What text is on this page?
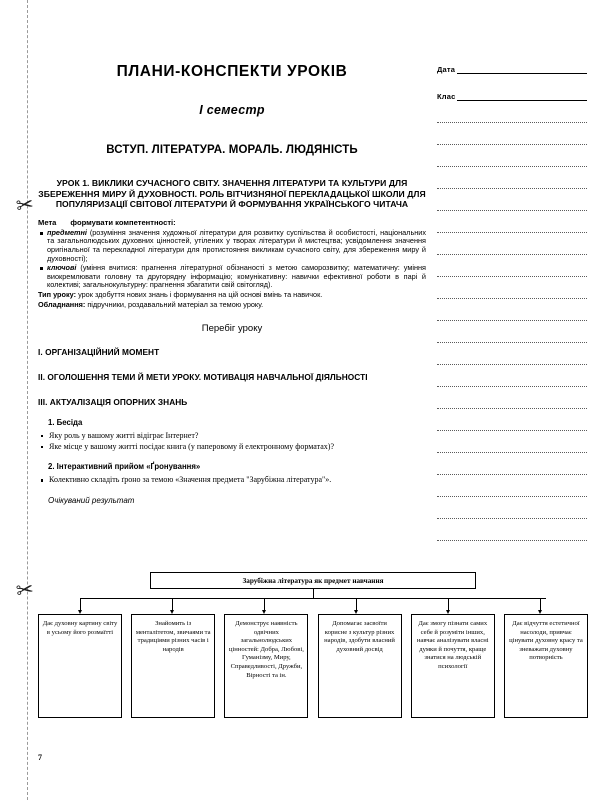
✂
✂
Дата
Клас
ПЛАНИ-КОНСПЕКТИ УРОКІВ
I семестр
ВСТУП. ЛІТЕРАТУРА. МОРАЛЬ. ЛЮДЯНІСТЬ
УРОК 1. ВИКЛИКИ СУЧАСНОГО СВІТУ. ЗНАЧЕННЯ ЛІТЕРАТУРИ ТА КУЛЬТУРИ ДЛЯ ЗБЕРЕЖЕННЯ МИРУ Й ДУХОВНОСТІ. РОЛЬ ВІТЧИЗНЯНОЇ ПЕРЕКЛАДАЦЬКОЇ ШКОЛИ ДЛЯ ПОПУЛЯРИЗАЦІЇ СВІТОВОЇ ЛІТЕРАТУРИ Й ФОРМУВАННЯ УКРАЇНСЬКОГО ЧИТАЧА
Мета формувати компетентності:
предметні (розуміння значення художньої літератури для розвитку суспільства й особистості, національних та загальнолюдських духовних цінностей, утілених у творах літератури й мистецтва; усвідомлення значення оригінальної та перекладної літератури для протистояння викликам сучасного світу, для збереження миру й духовності);
ключові (уміння вчитися: прагнення літературної обізнаності з метою саморозвитку; математичну: уміння виокремлювати головну та другорядну інформацію; комунікативну: навички ефективної роботи в парі й колективі; загальнокультурну: прагнення збагатити свій світогляд).
Тип уроку: урок здобуття нових знань і формування на цій основі вмінь та навичок.
Обладнання: підручники, роздавальний матеріал за темою уроку.
Перебіг уроку
I. ОРГАНІЗАЦІЙНИЙ МОМЕНТ
II. ОГОЛОШЕННЯ ТЕМИ Й МЕТИ УРОКУ. МОТИВАЦІЯ НАВЧАЛЬНОЇ ДІЯЛЬНОСТІ
III. АКТУАЛІЗАЦІЯ ОПОРНИХ ЗНАНЬ
1. Бесіда
Яку роль у вашому житті відіграє Інтернет?
Яке місце у вашому житті посідає книга (у паперовому й електронному форматах)?
2. Інтерактивний прийом «Ґронування»
Колективно складіть ґроно за темою «Значення предмета "Зарубіжна література"».
Очікуваний результат
Зарубіжна література як предмет навчання
Дає духовну картину світу в усьому його розмаїтті
Знайомить із менталітетом, звичаями та традиціями різних часів і народів
Демонструє наявність одвічних загальнолюдських цінностей: Добра, Любові, Гуманізму, Миру, Справедливості, Дружби, Вірності та ін.
Допомагає засвоїти корисне з культур різних народів, здобути власний духовний досвід
Дає змогу пізнати самих себе й розуміти інших, навчає аналізувати власні думки й почуття, краще знатися на людській психології
Дає відчуття естетичної насолоди, привчає цінувати духовну красу та зневажати духовну потворність
7
